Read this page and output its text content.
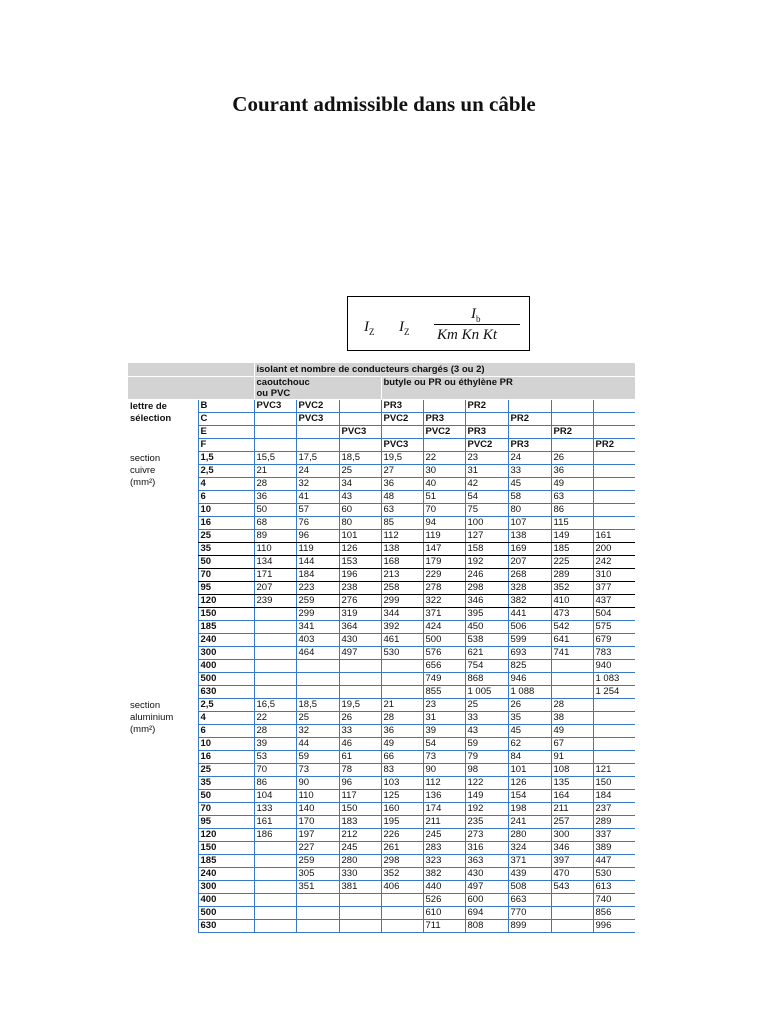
Courant admissible dans un câble
$I_Z$ $I_Z$
$I_b$
Km Kn Kt
		isolant et nombre de conducteurs chargés (3 ou 2)								
		caoutchouc
ou PVC			butyle ou PR ou éthylène PR					
lettre de
sélection	B	PVC3	PVC2		PR3		PR2			
	C		PVC3		PVC2	PR3		PR2		
	E			PVC3		PVC2	PR3		PR2	
	F				PVC3		PVC2	PR3		PR2
section
cuivre
(mm²)	1,5	15,5	17,5	18,5	19,5	22	23	24	26	
	2,5	21	24	25	27	30	31	33	36	
	4	28	32	34	36	40	42	45	49	
	6	36	41	43	48	51	54	58	63	
	10	50	57	60	63	70	75	80	86	
	16	68	76	80	85	94	100	107	115	
	25	89	96	101	112	119	127	138	149	161
	35	110	119	126	138	147	158	169	185	200
	50	134	144	153	168	179	192	207	225	242
	70	171	184	196	213	229	246	268	289	310
	95	207	223	238	258	278	298	328	352	377
	120	239	259	276	299	322	346	382	410	437
	150		299	319	344	371	395	441	473	504
	185		341	364	392	424	450	506	542	575
	240		403	430	461	500	538	599	641	679
	300		464	497	530	576	621	693	741	783
	400					656	754	825		940
	500					749	868	946		1 083
	630					855	1 005	1 088		1 254
section
aluminium
(mm²)	2,5	16,5	18,5	19,5	21	23	25	26	28	
	4	22	25	26	28	31	33	35	38	
	6	28	32	33	36	39	43	45	49	
	10	39	44	46	49	54	59	62	67	
	16	53	59	61	66	73	79	84	91	
	25	70	73	78	83	90	98	101	108	121
	35	86	90	96	103	112	122	126	135	150
	50	104	110	117	125	136	149	154	164	184
	70	133	140	150	160	174	192	198	211	237
	95	161	170	183	195	211	235	241	257	289
	120	186	197	212	226	245	273	280	300	337
	150		227	245	261	283	316	324	346	389
	185		259	280	298	323	363	371	397	447
	240		305	330	352	382	430	439	470	530
	300		351	381	406	440	497	508	543	613
	400					526	600	663		740
	500					610	694	770		856
	630					711	808	899		996
